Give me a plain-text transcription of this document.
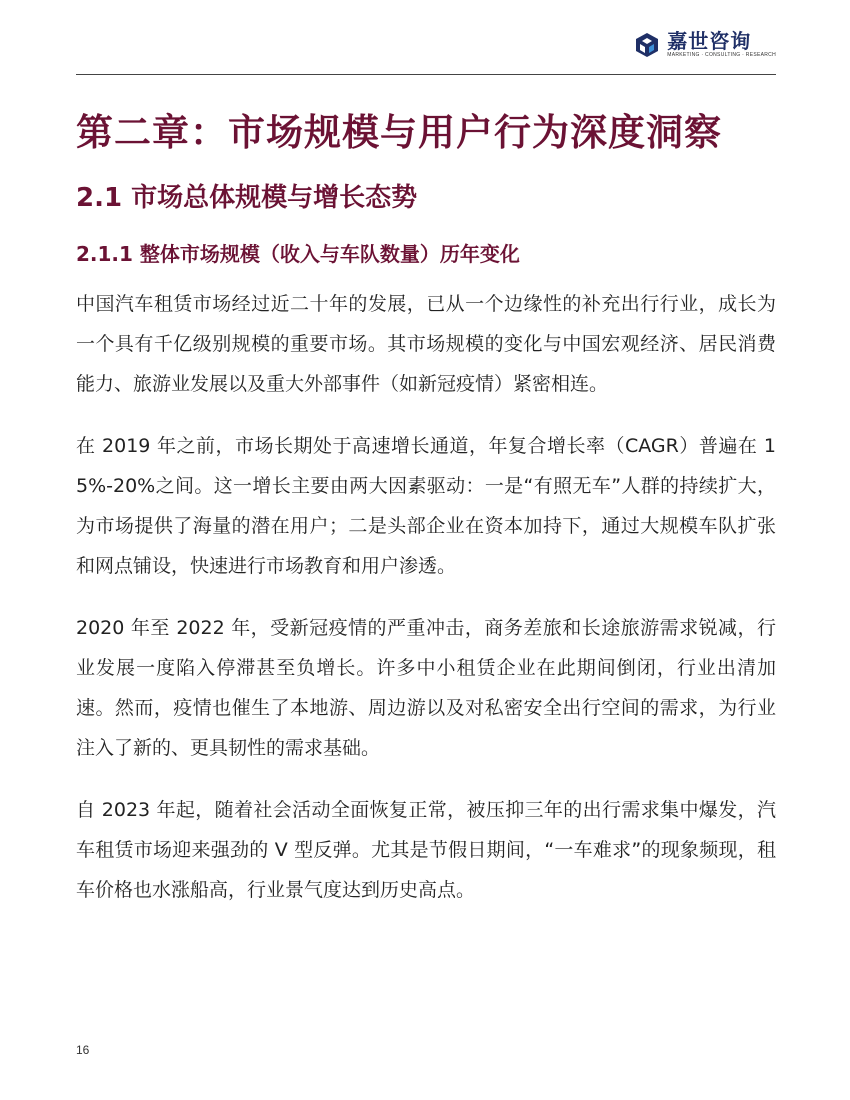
嘉世咨询
MARKETING · CONSULTING · RESEARCH
第二章：市场规模与用户行为深度洞察
2.1 市场总体规模与增长态势
2.1.1 整体市场规模（收入与车队数量）历年变化

中国汽车租赁市场经过近二十年的发展，已从一个边缘性的补充出行行业，成长为一个具有千亿级别规模的重要市场。其市场规模的变化与中国宏观经济、居民消费能力、旅游业发展以及重大外部事件（如新冠疫情）紧密相连。

在 2019 年之前，市场长期处于高速增长通道，年复合增长率（CAGR）普遍在 15%-20%之间。这一增长主要由两大因素驱动：一是“有照无车”人群的持续扩大，为市场提供了海量的潜在用户；二是头部企业在资本加持下，通过大规模车队扩张和网点铺设，快速进行市场教育和用户渗透。

2020 年至 2022 年，受新冠疫情的严重冲击，商务差旅和长途旅游需求锐减，行业发展一度陷入停滞甚至负增长。许多中小租赁企业在此期间倒闭，行业出清加速。然而，疫情也催生了本地游、周边游以及对私密安全出行空间的需求，为行业注入了新的、更具韧性的需求基础。

自 2023 年起，随着社会活动全面恢复正常，被压抑三年的出行需求集中爆发，汽车租赁市场迎来强劲的 V 型反弹。尤其是节假日期间，“一车难求”的现象频现，租车价格也水涨船高，行业景气度达到历史高点。

16
